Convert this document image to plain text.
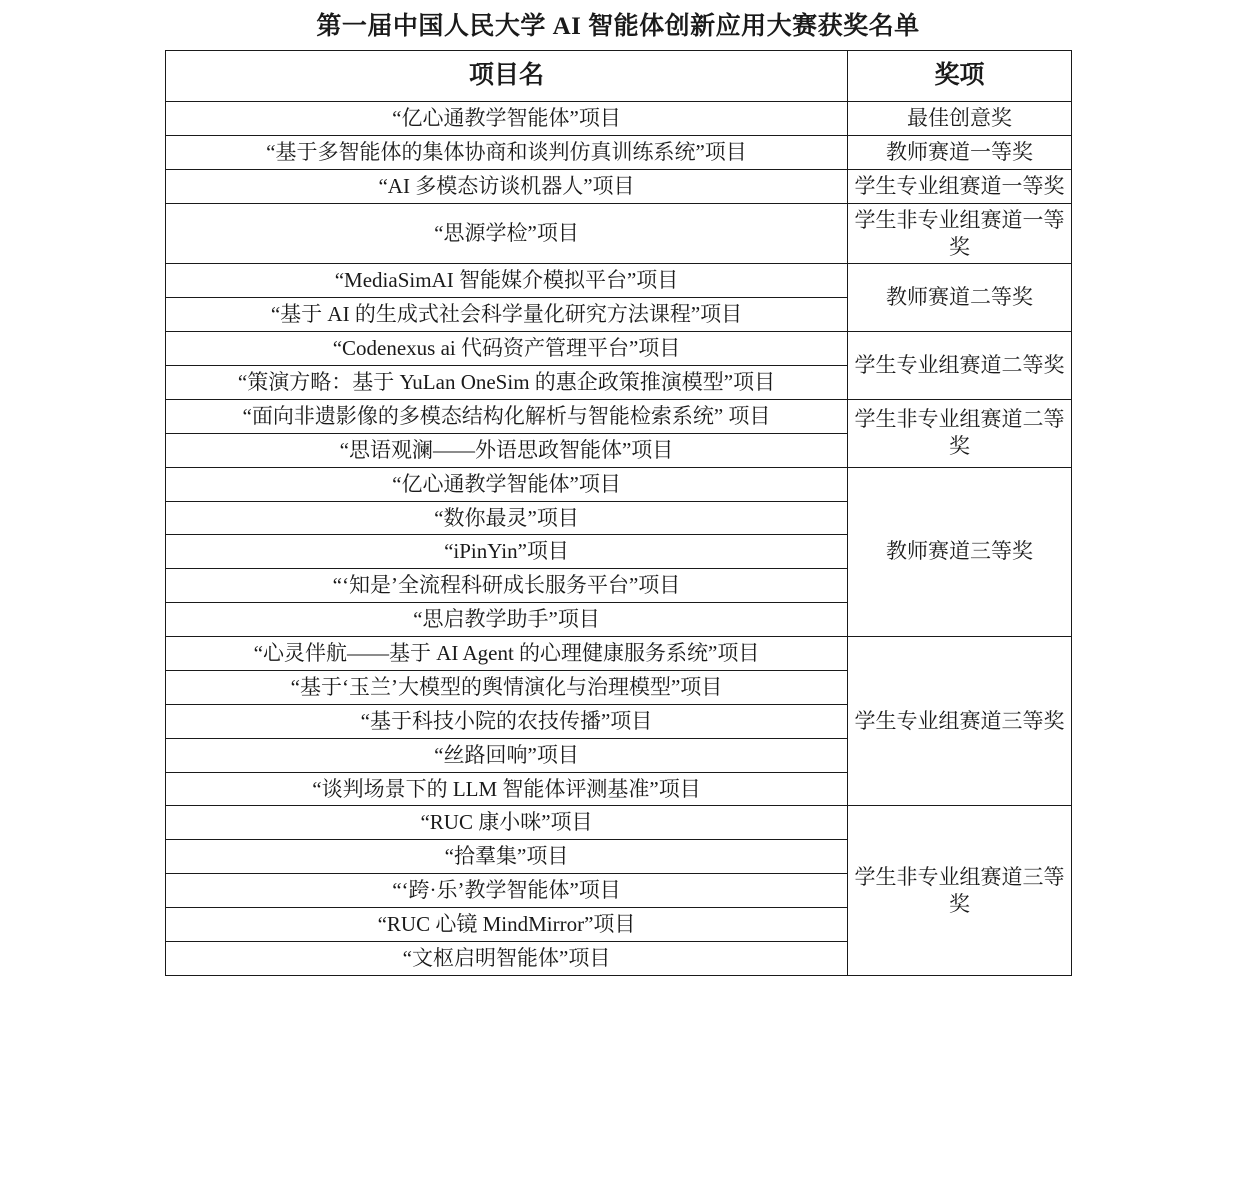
第一届中国人民大学 AI 智能体创新应用大赛获奖名单
项目名	奖项
“亿心通教学智能体”项目	最佳创意奖
“基于多智能体的集体协商和谈判仿真训练系统”项目	教师赛道一等奖
“AI 多模态访谈机器人”项目	学生专业组赛道一等奖
“思源学检”项目	学生非专业组赛道一等奖
“MediaSimAI 智能媒介模拟平台”项目	教师赛道二等奖
“基于 AI 的生成式社会科学量化研究方法课程”项目	
“Codenexus ai 代码资产管理平台”项目	学生专业组赛道二等奖
“策演方略：基于 YuLan OneSim 的惠企政策推演模型”项目	
“面向非遗影像的多模态结构化解析与智能检索系统” 项目	学生非专业组赛道二等奖
“思语观澜——外语思政智能体”项目	
“亿心通教学智能体”项目	教师赛道三等奖
“数你最灵”项目	
“iPinYin”项目	
“‘知是’全流程科研成长服务平台”项目	
“思启教学助手”项目	
“心灵伴航——基于 AI Agent 的心理健康服务系统”项目	学生专业组赛道三等奖
“基于‘玉兰’大模型的舆情演化与治理模型”项目	
“基于科技小院的农技传播”项目	
“丝路回响”项目	
“谈判场景下的 LLM 智能体评测基准”项目	
“RUC 康小咪”项目	学生非专业组赛道三等奖
“拾羣集”项目	
“‘跨·乐’教学智能体”项目	
“RUC 心镜 MindMirror”项目	
“文枢启明智能体”项目	
